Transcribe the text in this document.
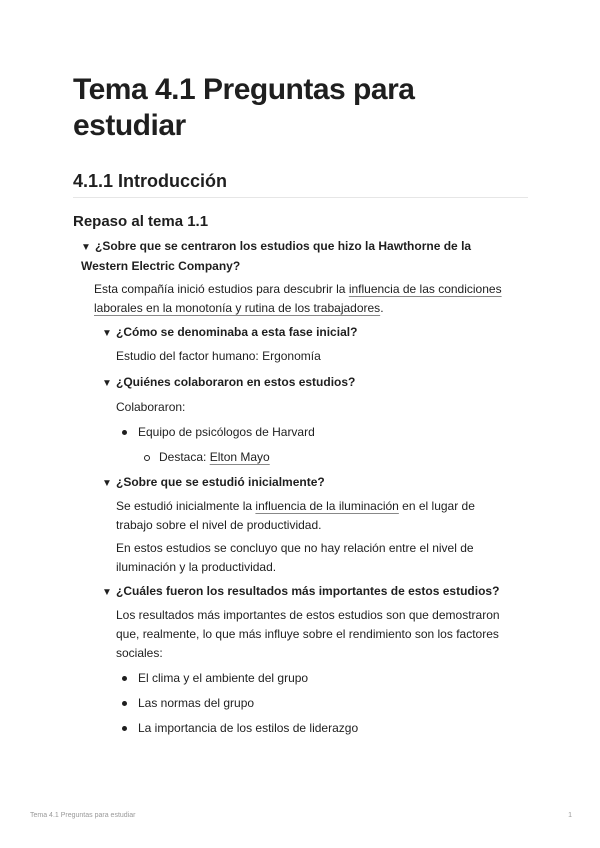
Tema 4.1 Preguntas para estudiar
4.1.1 Introducción
Repaso al tema 1.1
▼ ¿Sobre que se centraron los estudios que hizo la Hawthorne de la Western Electric Company?
Esta compañía inició estudios para descubrir la influencia de las condiciones laborales en la monotonía y rutina de los trabajadores.
▼ ¿Cómo se denominaba a esta fase inicial?
Estudio del factor humano: Ergonomía
▼ ¿Quiénes colaboraron en estos estudios?
Colaboraron:
Equipo de psicólogos de Harvard
Destaca: Elton Mayo
▼ ¿Sobre que se estudió inicialmente?
Se estudió inicialmente la influencia de la iluminación en el lugar de trabajo sobre el nivel de productividad.
En estos estudios se concluyo que no hay relación entre el nivel de iluminación y la productividad.
▼ ¿Cuáles fueron los resultados más importantes de estos estudios?
Los resultados más importantes de estos estudios son que demostraron que, realmente, lo que más influye sobre el rendimiento son los factores sociales:
El clima y el ambiente del grupo
Las normas del grupo
La importancia de los estilos de liderazgo
Tema 4.1 Preguntas para estudiar	1
